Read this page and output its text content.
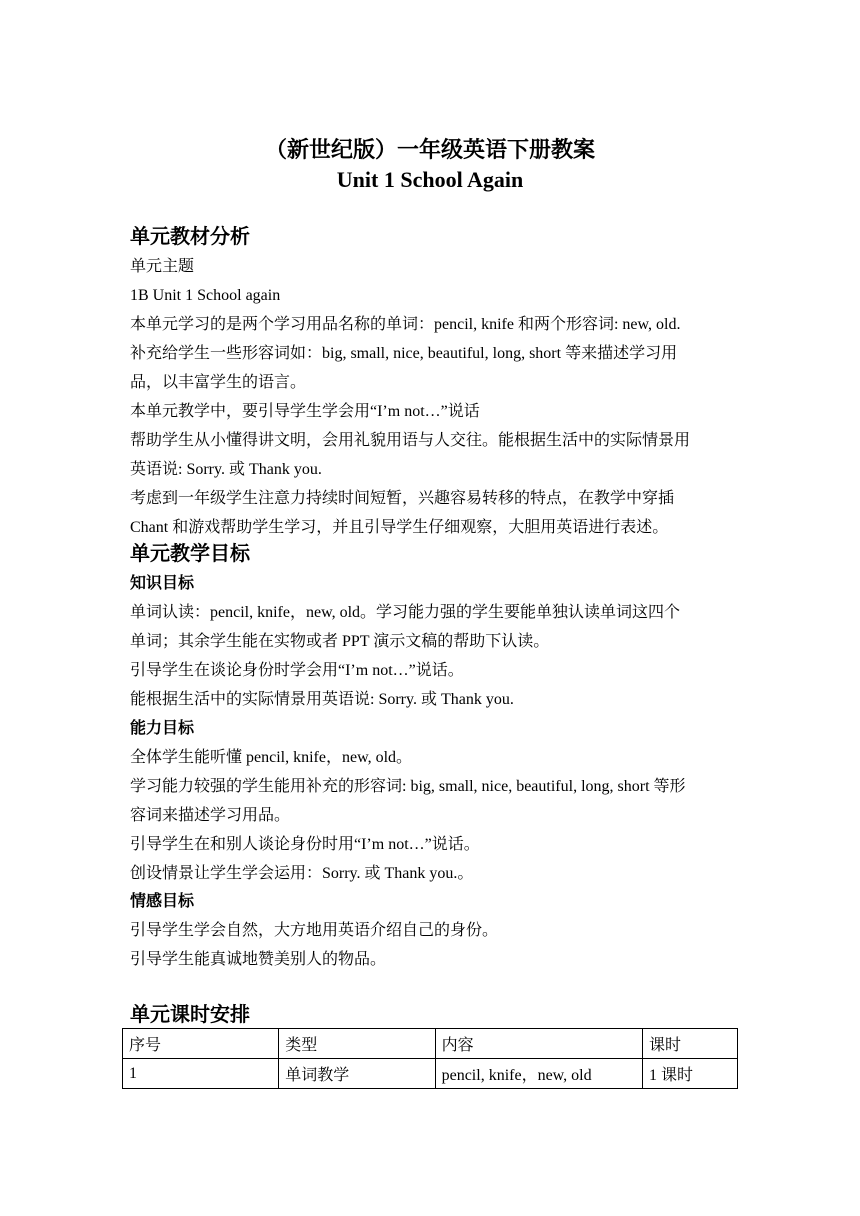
（新世纪版）一年级英语下册教案
Unit 1 School Again
单元教材分析
单元主题
1B Unit 1 School again
本单元学习的是两个学习用品名称的单词：pencil, knife 和两个形容词: new, old.
补充给学生一些形容词如：big, small, nice, beautiful, long, short 等来描述学习用
品，以丰富学生的语言。
本单元教学中，要引导学生学会用“I’m not…”说话
帮助学生从小懂得讲文明，会用礼貌用语与人交往。能根据生活中的实际情景用
英语说: Sorry. 或 Thank you.
考虑到一年级学生注意力持续时间短暂，兴趣容易转移的特点，在教学中穿插
Chant 和游戏帮助学生学习，并且引导学生仔细观察，大胆用英语进行表述。
单元教学目标
知识目标
单词认读：pencil, knife，new, old。学习能力强的学生要能单独认读单词这四个
单词；其余学生能在实物或者 PPT 演示文稿的帮助下认读。
引导学生在谈论身份时学会用“I’m not…”说话。
能根据生活中的实际情景用英语说: Sorry. 或 Thank you.
能力目标
全体学生能听懂 pencil, knife，new, old。
学习能力较强的学生能用补充的形容词: big, small, nice, beautiful, long, short 等形
容词来描述学习用品。
引导学生在和别人谈论身份时用“I’m not…”说话。
创设情景让学生学会运用：Sorry. 或 Thank you.。
情感目标
引导学生学会自然，大方地用英语介绍自己的身份。
引导学生能真诚地赞美别人的物品。
单元课时安排
序号	类型	内容	课时
1	单词教学	pencil, knife，new, old	1 课时
